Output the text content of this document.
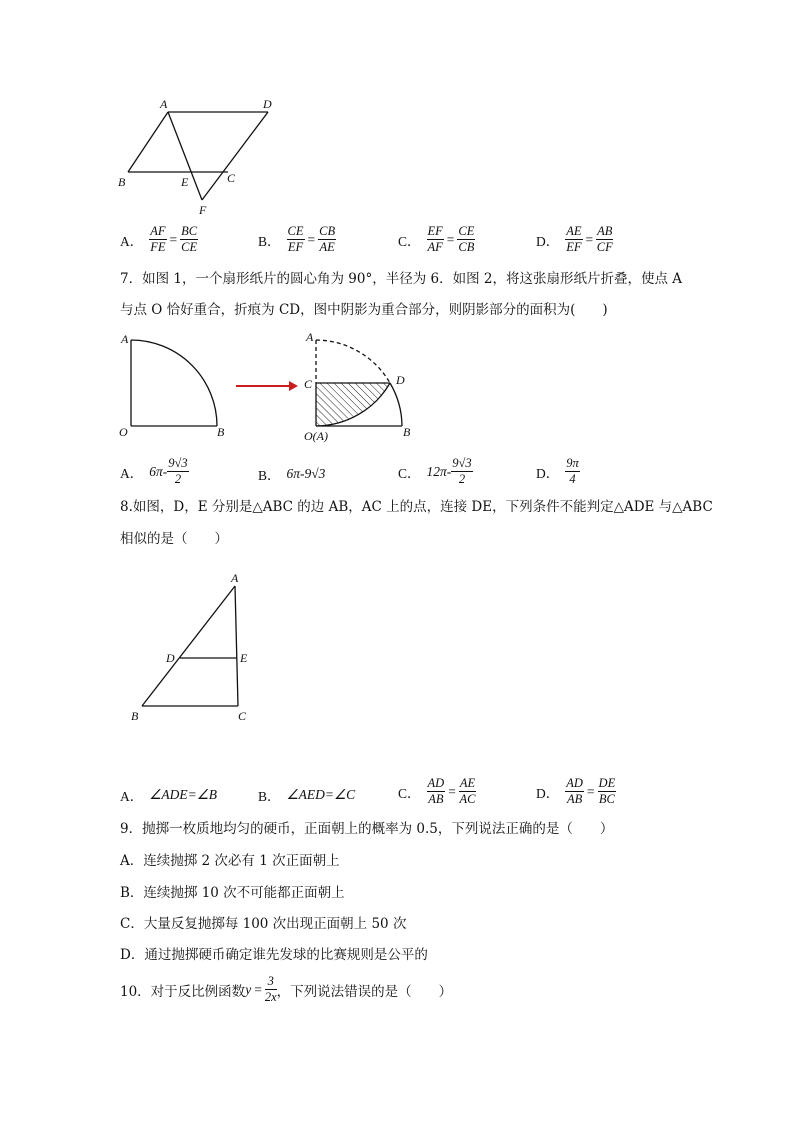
A	D
B	E	C
F
A． $\frac{AF}{FE} = \frac{BC}{CE}$	B． $\frac{CE}{EF} = \frac{CB}{AE}$	C． $\frac{EF}{AF} = \frac{CE}{CB}$	D． $\frac{AE}{EF} = \frac{AB}{CF}$
7．如图 1，一个扇形纸片的圆心角为 90°，半径为 6．如图 2，将这张扇形纸片折叠，使点 A
与点 O 恰好重合，折痕为 CD，图中阴影为重合部分，则阴影部分的面积为(　　)
A
O	B
A
C	D
O(A)	B
A． $6\pi- \frac{9√3}{2}$	B． 6π-9√3	C． $12\pi- \frac{9√3}{2}$	D． $\frac{9\pi}{4}$
8.如图，D，E 分别是△ABC 的边 AB，AC 上的点，连接 DE，下列条件不能判定△ADE 与△ABC
相似的是（　　）
A
D	E
B	C
A． ∠ADE=∠B	B． ∠AED=∠C	C． $\frac{AD}{AB} = \frac{AE}{AC}$	D． $\frac{AD}{AB} = \frac{DE}{BC}$
9．抛掷一枚质地均匀的硬币，正面朝上的概率为 0.5，下列说法正确的是（　　）
A．连续抛掷 2 次必有 1 次正面朝上
B．连续抛掷 10 次不可能都正面朝上
C．大量反复抛掷每 100 次出现正面朝上 50 次
D．通过抛掷硬币确定谁先发球的比赛规则是公平的
10．对于反比例函数 $y = \frac{3}{2x}$ ，下列说法错误的是（　　）
